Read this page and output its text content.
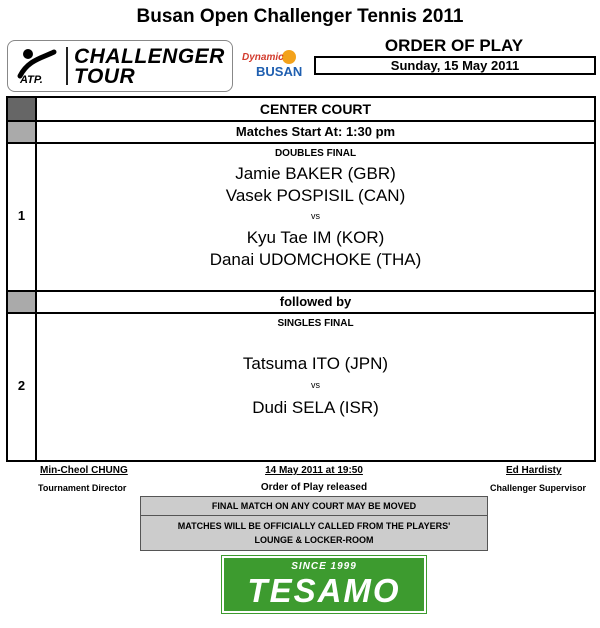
Busan Open Challenger Tennis 2011
ATP.
CHALLENGER
TOUR
Dynamic
BUSAN
ORDER OF PLAY
Sunday, 15 May 2011
CENTER COURT
Matches Start At: 1:30 pm
1
DOUBLES FINAL
Jamie BAKER (GBR)
Vasek POSPISIL (CAN)
vs
Kyu Tae IM (KOR)
Danai UDOMCHOKE (THA)
followed by
2
SINGLES FINAL
Tatsuma ITO (JPN)
vs
Dudi SELA (ISR)
Min-Cheol CHUNG
Tournament Director
14 May 2011 at 19:50
Order of Play released
Ed Hardisty
Challenger Supervisor
FINAL MATCH ON ANY COURT MAY BE MOVED
MATCHES WILL BE OFFICIALLY CALLED FROM THE PLAYERS'
LOUNGE & LOCKER-ROOM
SINCE 1999
TESAMO
